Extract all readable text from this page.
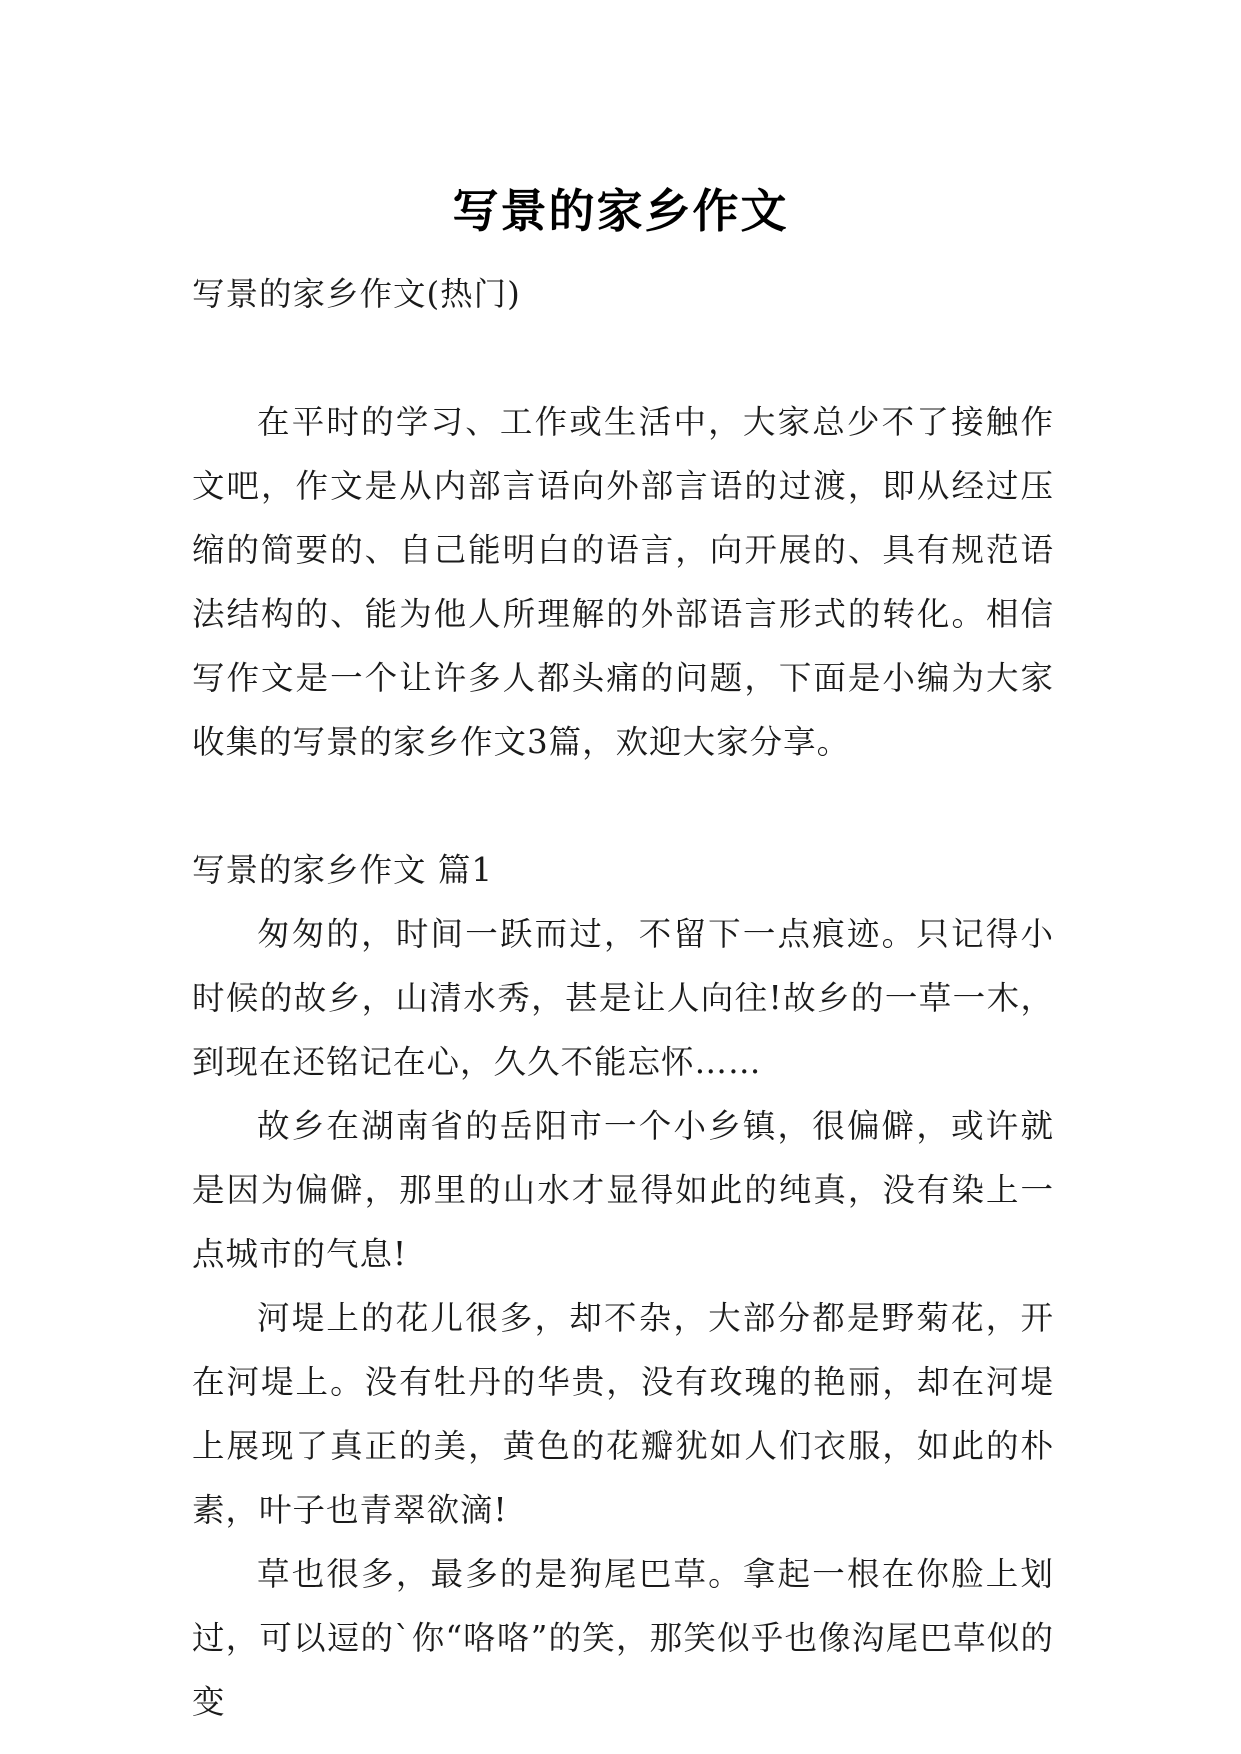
写景的家乡作文

写景的家乡作文(热门)

在平时的学习、工作或生活中，大家总少不了接触作文吧，作文是从内部言语向外部言语的过渡，即从经过压缩的简要的、自己能明白的语言，向开展的、具有规范语法结构的、能为他人所理解的外部语言形式的转化。相信写作文是一个让许多人都头痛的问题，下面是小编为大家收集的写景的家乡作文3篇，欢迎大家分享。

写景的家乡作文 篇1

匆匆的，时间一跃而过，不留下一点痕迹。只记得小时候的故乡，山清水秀，甚是让人向往!故乡的一草一木，到现在还铭记在心，久久不能忘怀……

故乡在湖南省的岳阳市一个小乡镇，很偏僻，或许就是因为偏僻，那里的山水才显得如此的纯真，没有染上一点城市的气息!

河堤上的花儿很多，却不杂，大部分都是野菊花，开在河堤上。没有牡丹的华贵，没有玫瑰的艳丽，却在河堤上展现了真正的美，黄色的花瓣犹如人们衣服，如此的朴素，叶子也青翠欲滴!

草也很多，最多的是狗尾巴草。拿起一根在你脸上划过，可以逗的`你“咯咯”的笑，那笑似乎也像沟尾巴草似的变
